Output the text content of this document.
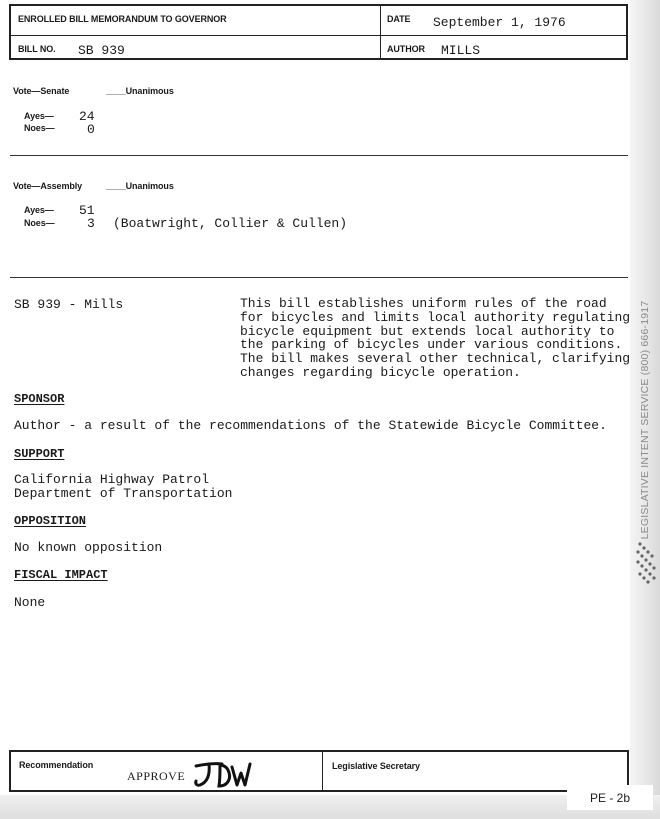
ENROLLED BILL MEMORANDUM TO GOVERNOR	DATE September 1, 1976
BILL NO. SB 939	AUTHOR MILLS
Vote—Senate	____Unanimous
Ayes— 24
Noes— 0
Vote—Assembly	____Unanimous
Ayes— 51
Noes— 3 (Boatwright, Collier & Cullen)
SB 939 - Mills	This bill establishes uniform rules of the road
for bicycles and limits local authority regulating
bicycle equipment but extends local authority to
the parking of bicycles under various conditions.
The bill makes several other technical, clarifying
changes regarding bicycle operation.
SPONSOR
Author - a result of the recommendations of the Statewide Bicycle Committee.
SUPPORT
California Highway Patrol
Department of Transportation
OPPOSITION
No known opposition
FISCAL IMPACT
None
Recommendation
APPROVE
Legislative Secretary
LEGISLATIVE INTENT SERVICE (800) 666-1917
PE - 2b
